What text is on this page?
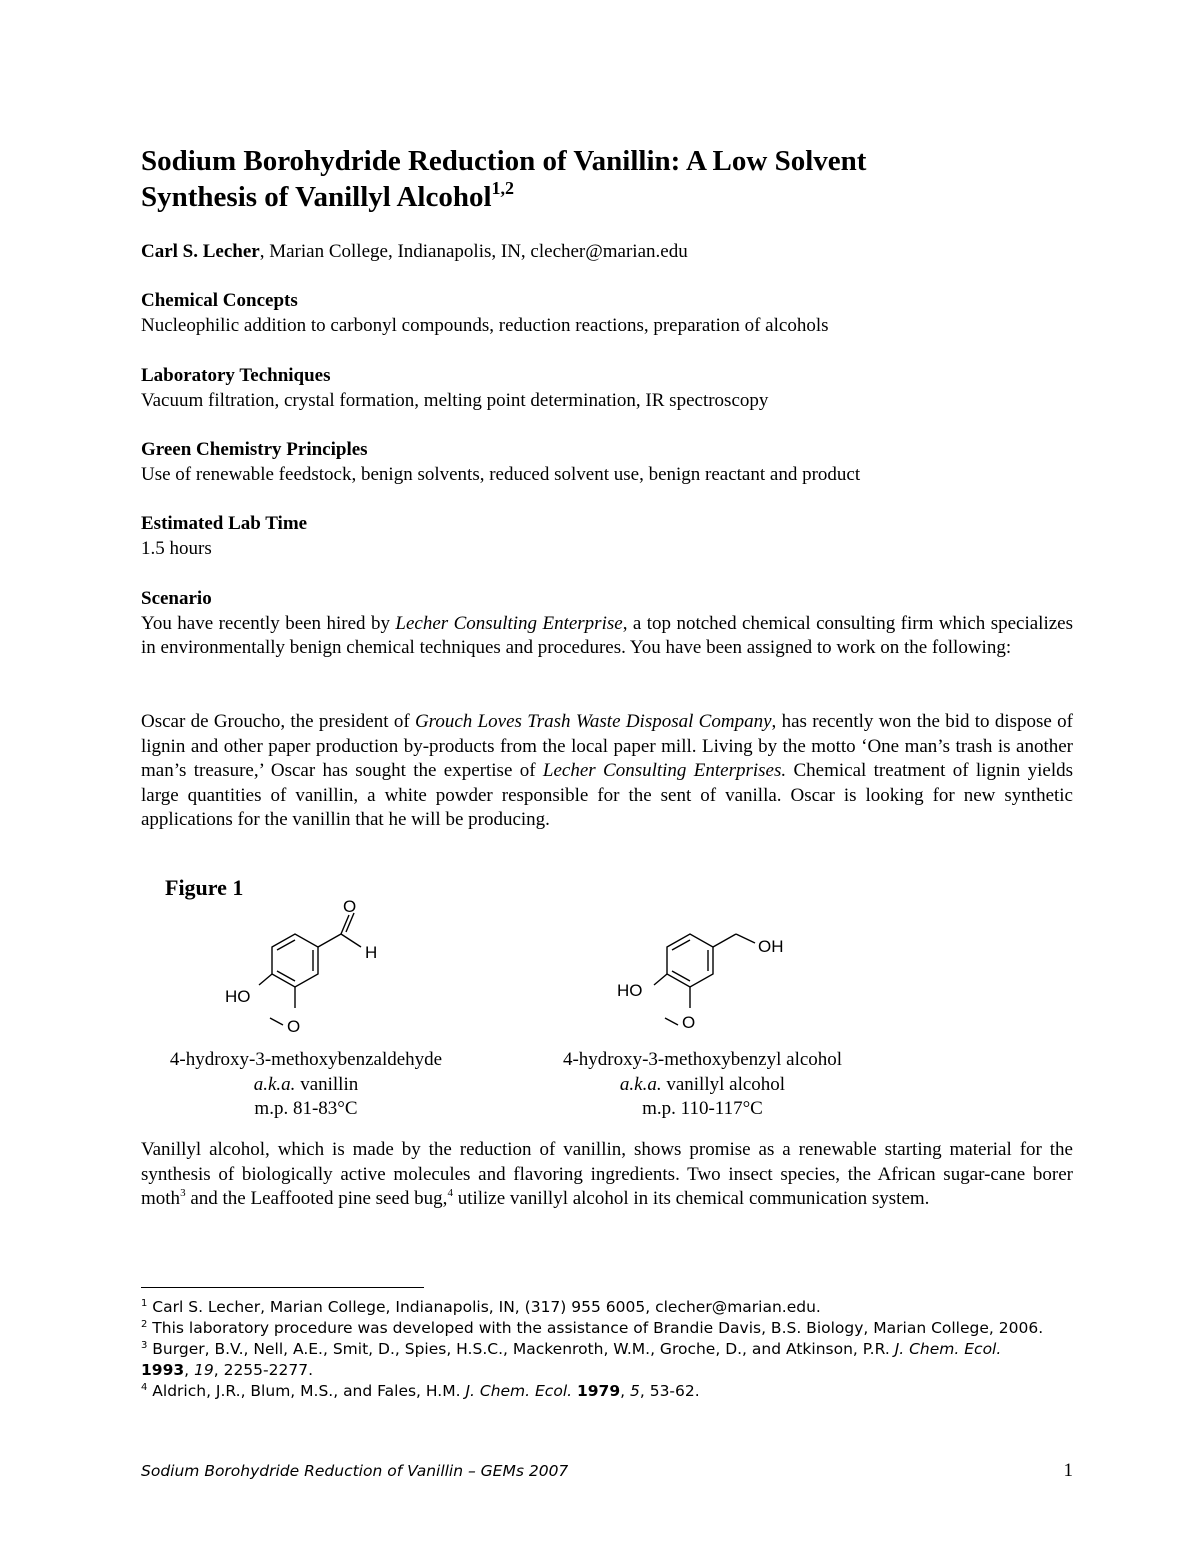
Sodium Borohydride Reduction of Vanillin: A Low Solvent
Synthesis of Vanillyl Alcohol$^{1,2}$
Carl S. Lecher, Marian College, Indianapolis, IN, clecher@marian.edu
Chemical Concepts
Nucleophilic addition to carbonyl compounds, reduction reactions, preparation of alcohols
Laboratory Techniques
Vacuum filtration, crystal formation, melting point determination, IR spectroscopy
Green Chemistry Principles
Use of renewable feedstock, benign solvents, reduced solvent use, benign reactant and product
Estimated Lab Time
1.5 hours
Scenario
You have recently been hired by Lecher Consulting Enterprise, a top notched chemical consulting firm which specializes in environmentally benign chemical techniques and procedures. You have been assigned to work on the following:
Oscar de Groucho, the president of Grouch Loves Trash Waste Disposal Company, has recently won the bid to dispose of lignin and other paper production by-products from the local paper mill. Living by the motto ‘One man’s trash is another man’s treasure,’ Oscar has sought the expertise of Lecher Consulting Enterprises. Chemical treatment of lignin yields large quantities of vanillin, a white powder responsible for the sent of vanilla. Oscar is looking for new synthetic applications for the vanillin that he will be producing.
Vanillyl alcohol, which is made by the reduction of vanillin, shows promise as a renewable starting material for the synthesis of biologically active molecules and flavoring ingredients. Two insect species, the African sugar-cane borer moth$^3$ and the Leaffooted pine seed bug,$^4$ utilize vanillyl alcohol in its chemical communication system.
Figure 1
O
H
HO
O
OH
HO
O
4-hydroxy-3-methoxybenzaldehyde
a.k.a. vanillin
m.p. 81-83°C
4-hydroxy-3-methoxybenzyl alcohol
a.k.a. vanillyl alcohol
m.p. 110-117°C
$^1$ Carl S. Lecher, Marian College, Indianapolis, IN, (317) 955 6005, clecher@marian.edu.
$^2$ This laboratory procedure was developed with the assistance of Brandie Davis, B.S. Biology, Marian College, 2006.
$^3$ Burger, B.V., Nell, A.E., Smit, D., Spies, H.S.C., Mackenroth, W.M., Groche, D., and Atkinson, P.R. J. Chem. Ecol.
1993, 19, 2255-2277.
$^4$ Aldrich, J.R., Blum, M.S., and Fales, H.M. J. Chem. Ecol. 1979, 5, 53-62.
Sodium Borohydride Reduction of Vanillin – GEMs 2007	1
